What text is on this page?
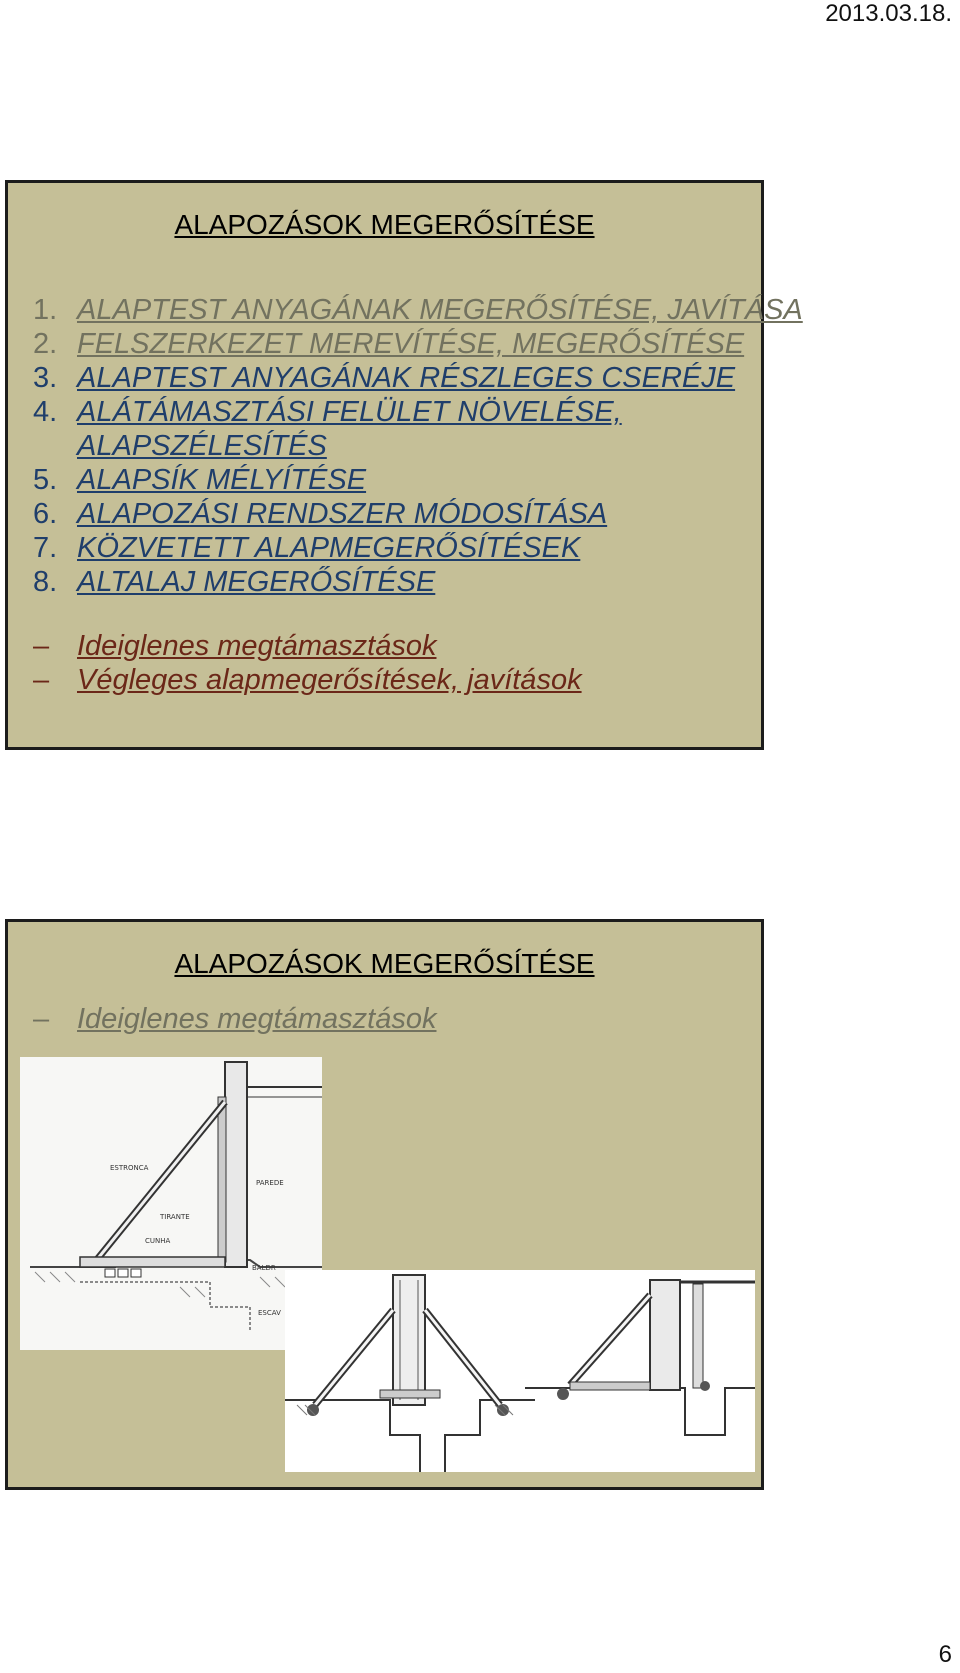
2013.03.18.
ALAPOZÁSOK MEGERŐSÍTÉSE
1. ALAPTEST ANYAGÁNAK MEGERŐSÍTÉSE, JAVÍTÁSA
2. FELSZERKEZET MEREVÍTÉSE, MEGERŐSÍTÉSE
3. ALAPTEST ANYAGÁNAK RÉSZLEGES CSERÉJE
4. ALÁTÁMASZTÁSI FELÜLET NÖVELÉSE,
ALAPSZÉLESÍTÉS
5. ALAPSÍK MÉLYÍTÉSE
6. ALAPOZÁSI RENDSZER MÓDOSÍTÁSA
7. KÖZVETETT ALAPMEGERŐSÍTÉSEK
8. ALTALAJ MEGERŐSÍTÉSE
– Ideiglenes megtámasztások
– Végleges alapmegerősítések, javítások
ALAPOZÁSOK MEGERŐSÍTÉSE
– Ideiglenes megtámasztások
ESTRONCA
PAREDE
TIRANTE
CUNHA
BALDR
ESCAV
6
